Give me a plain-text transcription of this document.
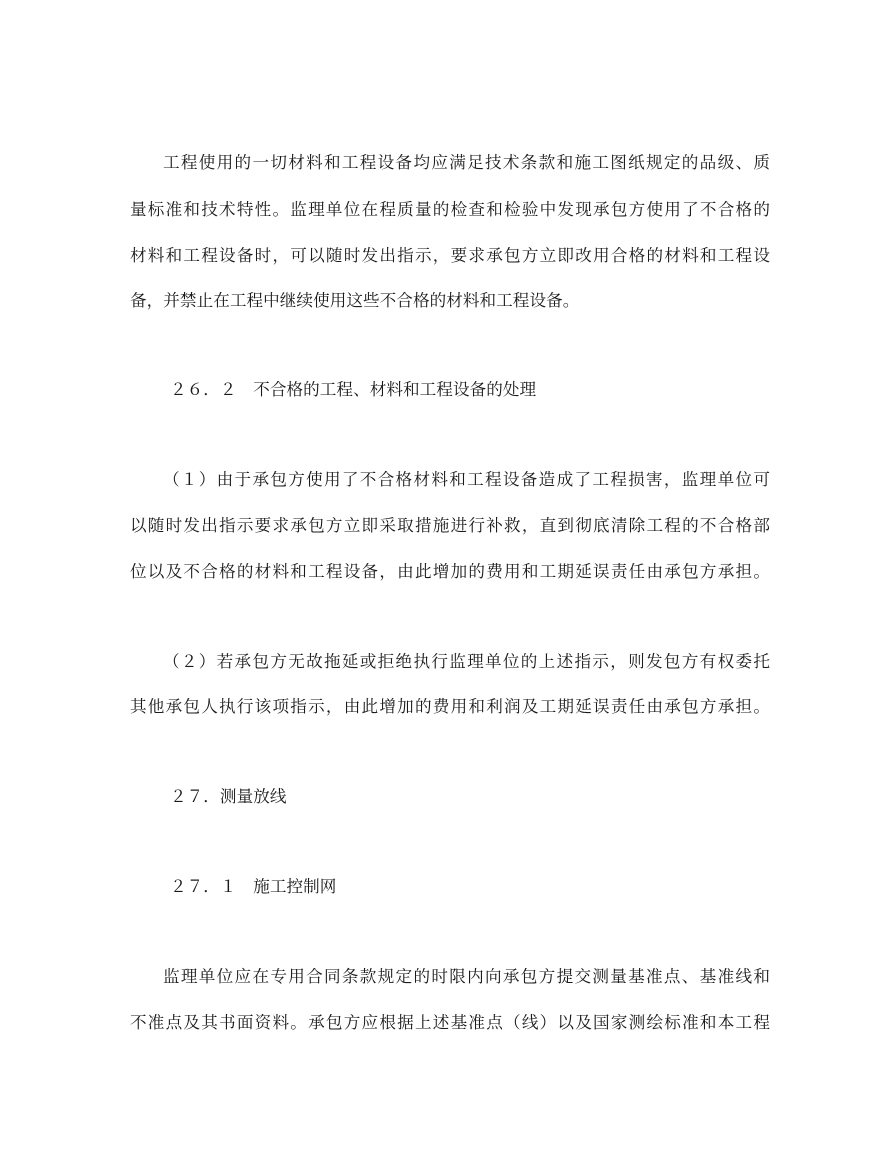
工程使用的一切材料和工程设备均应满足技术条款和施工图纸规定的品级、质
量标准和技术特性。监理单位在程质量的检查和检验中发现承包方使用了不合格的
材料和工程设备时，可以随时发出指示，要求承包方立即改用合格的材料和工程设
备，并禁止在工程中继续使用这些不合格的材料和工程设备。
２６．２　不合格的工程、材料和工程设备的处理
（１）由于承包方使用了不合格材料和工程设备造成了工程损害，监理单位可
以随时发出指示要求承包方立即采取措施进行补救，直到彻底清除工程的不合格部
位以及不合格的材料和工程设备，由此增加的费用和工期延误责任由承包方承担。
（２）若承包方无故拖延或拒绝执行监理单位的上述指示，则发包方有权委托
其他承包人执行该项指示，由此增加的费用和利润及工期延误责任由承包方承担。
２７．测量放线
２７．１　施工控制网
监理单位应在专用合同条款规定的时限内向承包方提交测量基准点、基准线和
不准点及其书面资料。承包方应根据上述基准点（线）以及国家测绘标准和本工程
